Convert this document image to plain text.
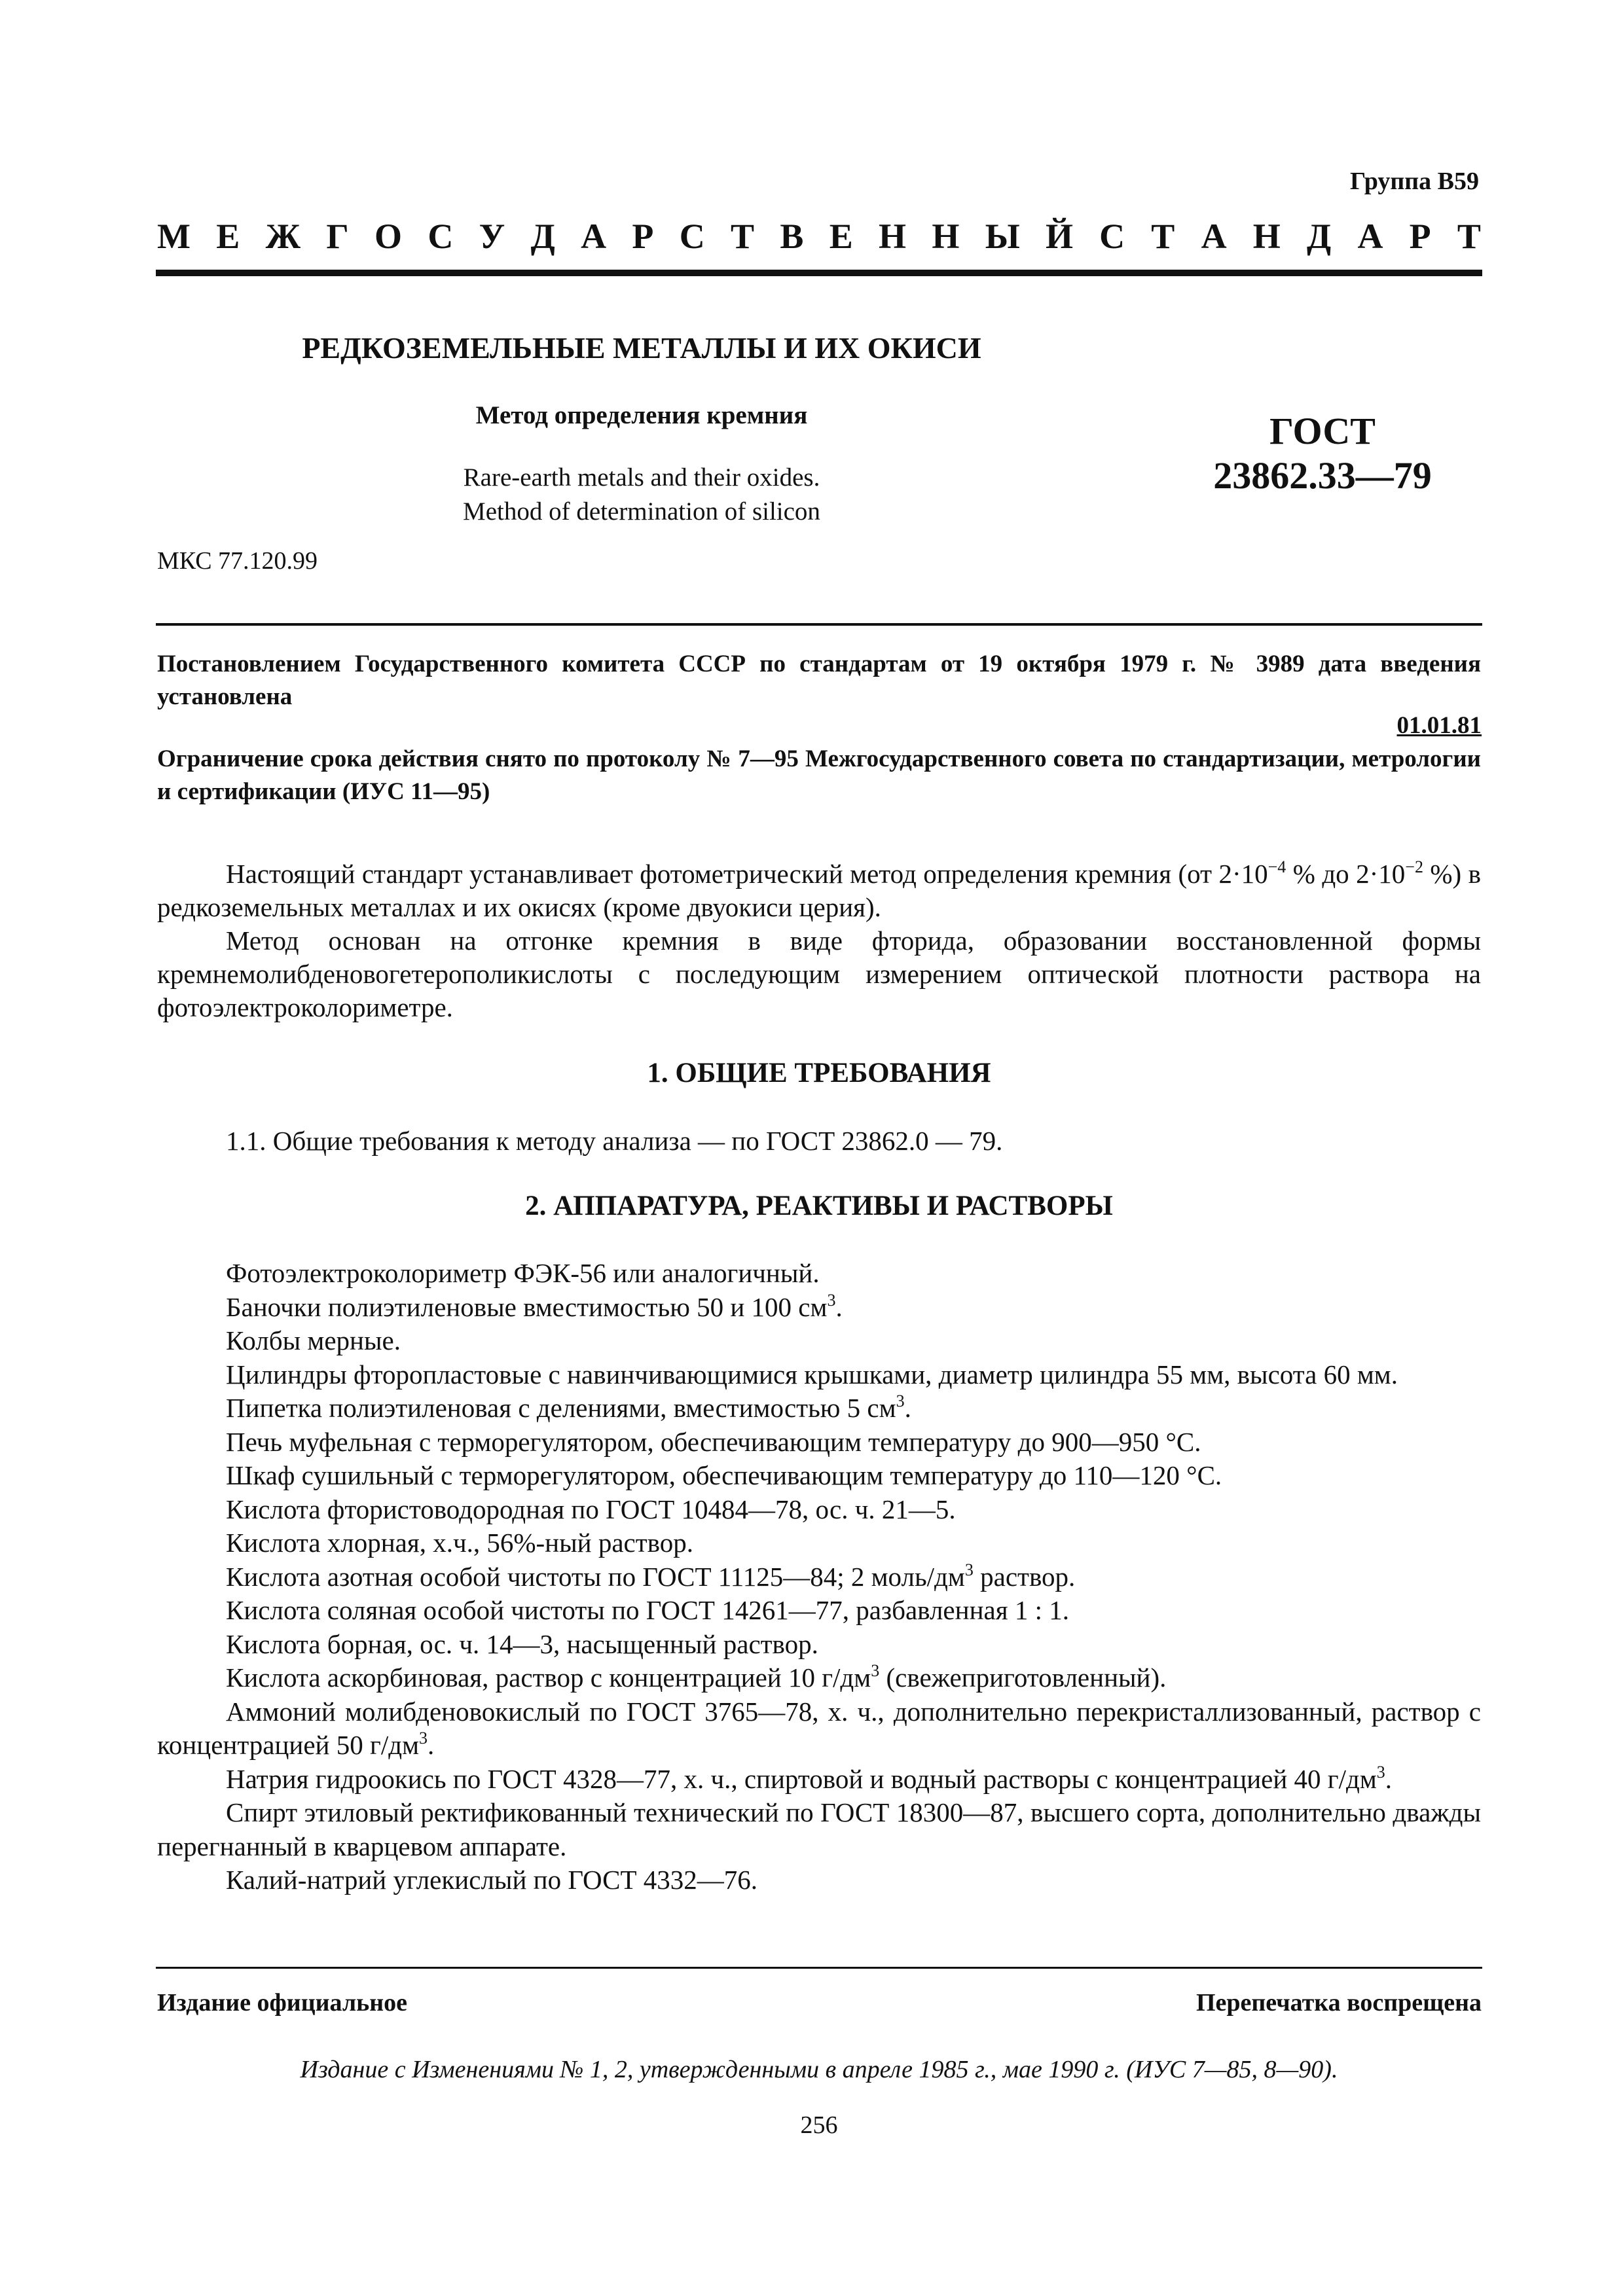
Группа В59
М Е Ж Г О С У Д А Р С Т В Е Н Н Ы Й С Т А Н Д А Р Т
РЕДКОЗЕМЕЛЬНЫЕ МЕТАЛЛЫ И ИХ ОКИСИ
Метод определения кремния
Rare-earth metals and their oxides.
Method of determination of silicon
ГОСТ
23862.33—79
МКС 77.120.99
Постановлением Государственного комитета СССР по стандартам от 19 октября 1979 г. № 3989 дата введения установлена
01.01.81
Ограничение срока действия снято по протоколу № 7—95 Межгосударственного совета по стандартизации, метрологии и сертификации (ИУС 11—95)

Настоящий стандарт устанавливает фотометрический метод определения кремния (от $2\cdot 10^{-4}$ % до $2\cdot 10^{-2}$ %) в редкоземельных металлах и их окисях (кроме двуокиси церия).

Метод основан на отгонке кремния в виде фторида, образовании восстановленной формы кремнемолибденовогетерополикислоты с последующим измерением оптической плотности раствора на фотоэлектроколориметре.

1. ОБЩИЕ ТРЕБОВАНИЯ

1.1. Общие требования к методу анализа — по ГОСТ 23862.0 — 79.

2. АППАРАТУРА, РЕАКТИВЫ И РАСТВОРЫ

Фотоэлектроколориметр ФЭК-56 или аналогичный.

Баночки полиэтиленовые вместимостью 50 и 100 $см^3$.

Колбы мерные.

Цилиндры фторопластовые с навинчивающимися крышками, диаметр цилиндра 55 мм, высота 60 мм.

Пипетка полиэтиленовая с делениями, вместимостью 5 $см^3$.

Печь муфельная с терморегулятором, обеспечивающим температуру до 900—950 °С.

Шкаф сушильный с терморегулятором, обеспечивающим температуру до 110—120 °С.

Кислота фтористоводородная по ГОСТ 10484—78, ос. ч. 21—5.

Кислота хлорная, х.ч., 56%-ный раствор.

Кислота азотная особой чистоты по ГОСТ 11125—84; 2 моль/$дм^3$ раствор.

Кислота соляная особой чистоты по ГОСТ 14261—77, разбавленная 1 : 1.

Кислота борная, ос. ч. 14—3, насыщенный раствор.

Кислота аскорбиновая, раствор с концентрацией 10 $г/дм^3$ (свежеприготовленный).

Аммоний молибденовокислый по ГОСТ 3765—78, х. ч., дополнительно перекристаллизованный, раствор с концентрацией 50 $г/дм^3$.

Натрия гидроокись по ГОСТ 4328—77, х. ч., спиртовой и водный растворы с концентрацией 40 $г/дм^3$.

Спирт этиловый ректификованный технический по ГОСТ 18300—87, высшего сорта, дополнительно дважды перегнанный в кварцевом аппарате.

Калий-натрий углекислый по ГОСТ 4332—76.

Издание официальное	Перепечатка воспрещена
Издание с Изменениями № 1, 2, утвержденными в апреле 1985 г., мае 1990 г. (ИУС 7—85, 8—90).
256
